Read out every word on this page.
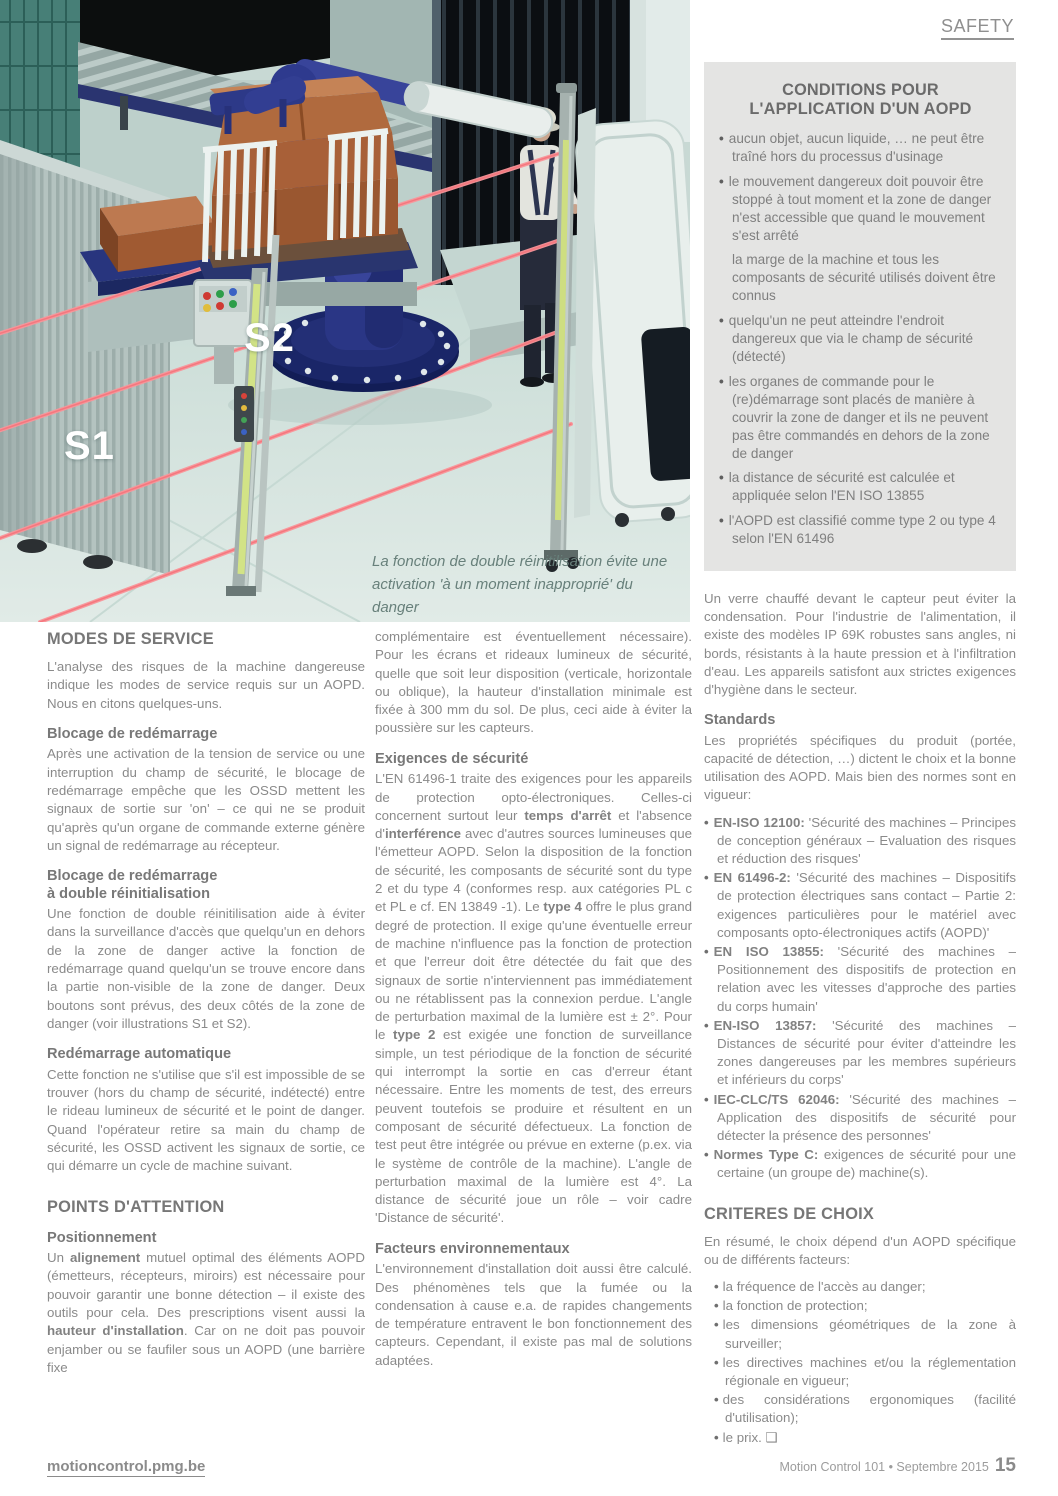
S2
S1
La fonction de double réinitilisation évite une
activation 'à un moment inapproprié' du danger
SAFETY
CONDITIONS POUR
L'APPLICATION D'UN AOPD
• aucun objet, aucun liquide, … ne peut être traîné hors du processus d'usinage
• le mouvement dangereux doit pouvoir être stoppé à tout moment et la zone de danger n'est accessible que quand le mouvement s'est arrêté

la marge de la machine et tous les composants de sécurité utilisés doivent être connus

• quelqu'un ne peut atteindre l'endroit dangereux que via le champ de sécurité (détecté)
• les organes de commande pour le (re)démarrage sont placés de manière à couvrir la zone de danger et ils ne peuvent pas être commandés en dehors de la zone de danger
• la distance de sécurité est calculée et appliquée selon l'EN ISO 13855
• l'AOPD est classifié comme type 2 ou type 4 selon l'EN 61496

Un verre chauffé devant le capteur peut éviter la condensation. Pour l'industrie de l'alimentation, il existe des modèles IP 69K robustes sans angles, ni bords, résistants à la haute pression et à l'infiltration d'eau. Les appareils satisfont aux strictes exigences d'hygiène dans le secteur.

Standards

Les propriétés spécifiques du produit (portée, capacité de détection, …) dictent le choix et la bonne utilisation des AOPD. Mais bien des normes sont en vigueur:

• EN-ISO 12100: 'Sécurité des machines – Principes de conception généraux – Evaluation des risques et réduction des risques'
• EN 61496-2: 'Sécurité des machines – Dispositifs de protection électriques sans contact – Partie 2: exigences particulières pour le matériel avec composants opto-électroniques actifs (AOPD)'
• EN ISO 13855: 'Sécurité des machines – Positionnement des dispositifs de protection en relation avec les vitesses d'approche des parties du corps humain'
• EN-ISO 13857: 'Sécurité des machines – Distances de sécurité pour éviter d'atteindre les zones dangereuses par les membres supérieurs et inférieurs du corps'
• IEC-CLC/TS 62046: 'Sécurité des machines – Application des dispositifs de sécurité pour détecter la présence des personnes'
• Normes Type C: exigences de sécurité pour une certaine (un groupe de) machine(s).
CRITERES DE CHOIX

En résumé, le choix dépend d'un AOPD spécifique ou de différents facteurs:

• la fréquence de l'accès au danger;
• la fonction de protection;
• les dimensions géométriques de la zone à surveiller;
• les directives machines et/ou la réglementation régionale en vigueur;
• des considérations ergonomiques (facilité d'utilisation);
• le prix. ❑
MODES DE SERVICE

L'analyse des risques de la machine dangereuse indique les modes de service requis sur un AOPD. Nous en citons quelques-uns.

Blocage de redémarrage

Après une activation de la tension de service ou une interruption du champ de sécurité, le blocage de redémarrage empêche que les OSSD mettent les signaux de sortie sur 'on' – ce qui ne se produit qu'après qu'un organe de commande externe génère un signal de redémarrage au récepteur.

Blocage de redémarrage
à double réinitialisation

Une fonction de double réinitilisation aide à éviter dans la surveillance d'accès que quelqu'un en dehors de la zone de danger active la fonction de redémarrage quand quelqu'un se trouve encore dans la partie non-visible de la zone de danger. Deux boutons sont prévus, des deux côtés de la zone de danger (voir illustrations S1 et S2).

Redémarrage automatique

Cette fonction ne s'utilise que s'il est impossible de se trouver (hors du champ de sécurité, indétecté) entre le rideau lumineux de sécurité et le point de danger. Quand l'opérateur retire sa main du champ de sécurité, les OSSD activent les signaux de sortie, ce qui démarre un cycle de machine suivant.

POINTS D'ATTENTION
Positionnement

Un alignement mutuel optimal des éléments AOPD (émetteurs, récepteurs, miroirs) est nécessaire pour pouvoir garantir une bonne détection – il existe des outils pour cela. Des prescriptions visent aussi la hauteur d'installation. Car on ne doit pas pouvoir enjamber ou se faufiler sous un AOPD (une barrière fixe

complémentaire est éventuellement nécessaire). Pour les écrans et rideaux lumineux de sécurité, quelle que soit leur disposition (verticale, horizontale ou oblique), la hauteur d'installation minimale est fixée à 300 mm du sol. De plus, ceci aide à éviter la poussière sur les capteurs.

Exigences de sécurité

L'EN 61496-1 traite des exigences pour les appareils de protection opto-électroniques. Celles-ci concernent surtout leur temps d'arrêt et l'absence d'interférence avec d'autres sources lumineuses que l'émetteur AOPD. Selon la disposition de la fonction de sécurité, les composants de sécurité sont du type 2 et du type 4 (conformes resp. aux catégories PL c et PL e cf. EN 13849 -1). Le type 4 offre le plus grand degré de protection. Il exige qu'une éventuelle erreur de machine n'influence pas la fonction de protection et que l'erreur doit être détectée du fait que des signaux de sortie n'interviennent pas immédiatement ou ne rétablissent pas la connexion perdue. L'angle de perturbation maximal de la lumière est ± 2°. Pour le type 2 est exigée une fonction de surveillance simple, un test périodique de la fonction de sécurité qui interrompt la sortie en cas d'erreur étant nécessaire. Entre les moments de test, des erreurs peuvent toutefois se produire et résultent en un composant de sécurité défectueux. La fonction de test peut être intégrée ou prévue en externe (p.ex. via le système de contrôle de la machine). L'angle de perturbation maximal de la lumière est 4°. La distance de sécurité joue un rôle – voir cadre 'Distance de sécurité'.

Facteurs environnementaux

L'environnement d'installation doit aussi être calculé. Des phénomènes tels que la fumée ou la condensation à cause e.a. de rapides changements de température entravent le bon fonctionnement des capteurs. Cependant, il existe pas mal de solutions adaptées.

motioncontrol.pmg.be	Motion Control 101 • Septembre 2015 15
